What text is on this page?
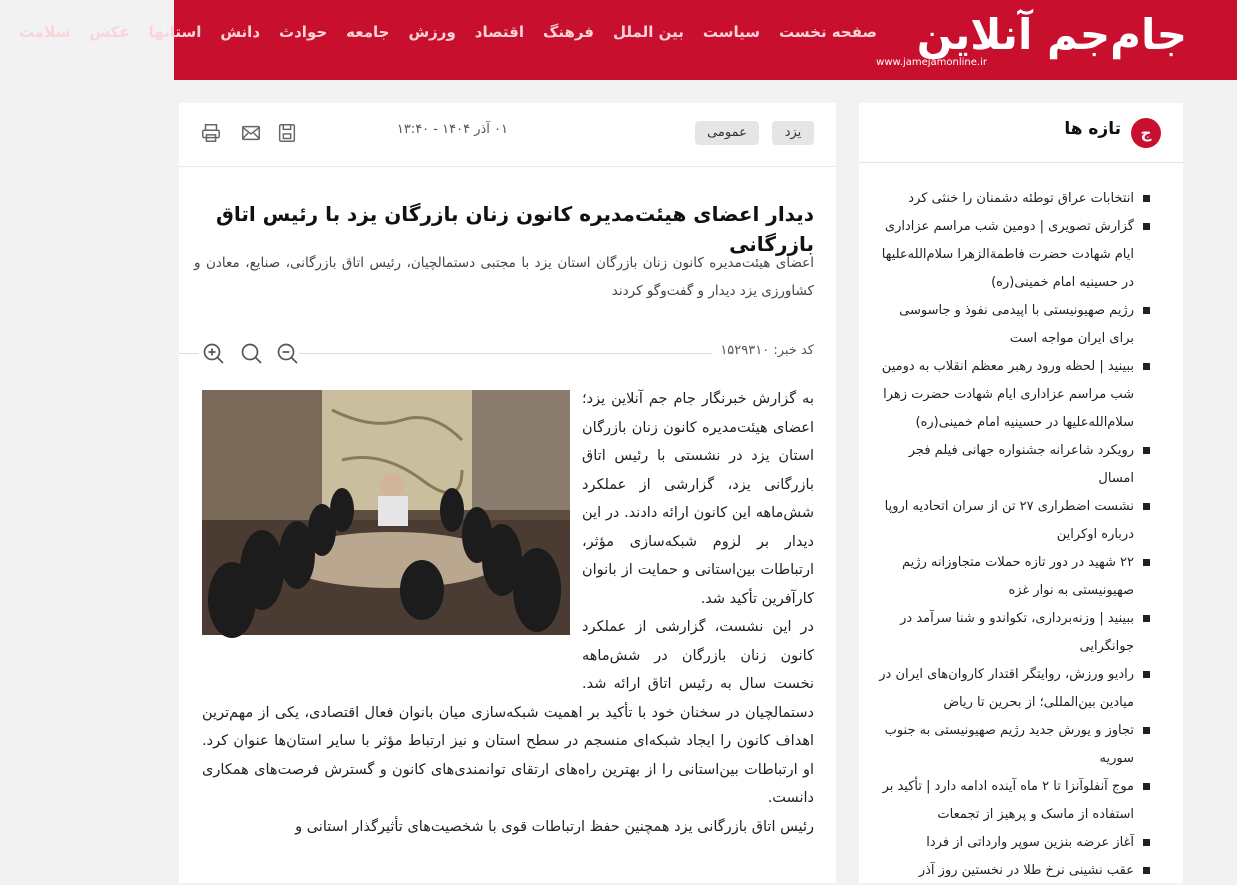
جام‌جم آنلاین
www.jamejamonline.ir
صفحه نخست
سیاست
بین الملل
فرهنگ
اقتصاد
ورزش
جامعه
حوادث
دانش
استانها
عکس
سلامت
یزد
عمومی
۰۱ آذر ۱۴۰۴ - ۱۳:۴۰
دیدار اعضای هیئت‌مدیره کانون زنان بازرگان یزد با رئیس اتاق بازرگانی

اعضای هیئت‌مدیره کانون زنان بازرگان استان یزد با مجتبی دستمالچیان، رئیس اتاق بازرگانی، صنایع، معادن و کشاورزی یزد دیدار و گفت‌وگو کردند

کد خبر: ۱۵۲۹۳۱۰

به گزارش خبرنگار جام جم آنلاین یزد؛ اعضای هیئت‌مدیره کانون زنان بازرگان استان یزد در نشستی با رئیس اتاق بازرگانی یزد، گزارشی از عملکرد شش‌ماهه این کانون ارائه دادند. در این دیدار بر لزوم شبکه‌سازی مؤثر، ارتباطات بین‌استانی و حمایت از بانوان کارآفرین تأکید شد.

در این نشست، گزارشی از عملکرد کانون زنان بازرگان در شش‌ماهه نخست سال به رئیس اتاق ارائه شد. دستمالچیان در سخنان خود با تأکید بر اهمیت شبکه‌سازی میان بانوان فعال اقتصادی، یکی از مهم‌ترین اهداف کانون را ایجاد شبکه‌ای منسجم در سطح استان و نیز ارتباط مؤثر با سایر استان‌ها عنوان کرد. او ارتباطات بین‌استانی را از بهترین راه‌های ارتقای توانمندی‌های کانون و گسترش فرصت‌های همکاری دانست.

رئیس اتاق بازرگانی یزد همچنین حفظ ارتباطات قوی با شخصیت‌های تأثیرگذار استانی و

ج
تازه ها
انتخابات عراق توطئه دشمنان را خنثی کرد
گزارش تصویری | دومین شب مراسم عزاداری ایام شهادت حضرت فاطمةالزهرا سلام‌الله‌علیها در حسینیه امام خمینی(ره)
رژیم صهیونیستی با اپیدمی نفوذ و جاسوسی برای ایران مواجه است
ببینید | لحظه ورود رهبر معظم انقلاب به دومین شب مراسم عزاداری ایام شهادت حضرت زهرا سلام‌الله‌علیها در حسینیه امام خمینی(ره)
رویکرد شاعرانه جشنواره جهانی فیلم فجر امسال
نشست اضطراری ۲۷ تن از سران اتحادیه اروپا درباره اوکراین
۲۲ شهید در دور تازه حملات متجاوزانه رژیم صهیونیستی به نوار غزه
ببینید | وزنه‌برداری، تکواندو و شنا سرآمد در جوانگرایی
رادیو ورزش، روایتگر اقتدار کاروان‌های ایران در میادین بین‌المللی؛ از بحرین تا ریاض
تجاوز و یورش جدید رژیم صهیونیستی به جنوب سوریه
موج آنفلوآنزا تا ۲ ماه آینده ادامه دارد | تأکید بر استفاده از ماسک و پرهیز از تجمعات
آغاز عرضه بنزین سوپر وارداتی از فردا
عقب نشینی نرخ طلا در نخستین روز آذر
